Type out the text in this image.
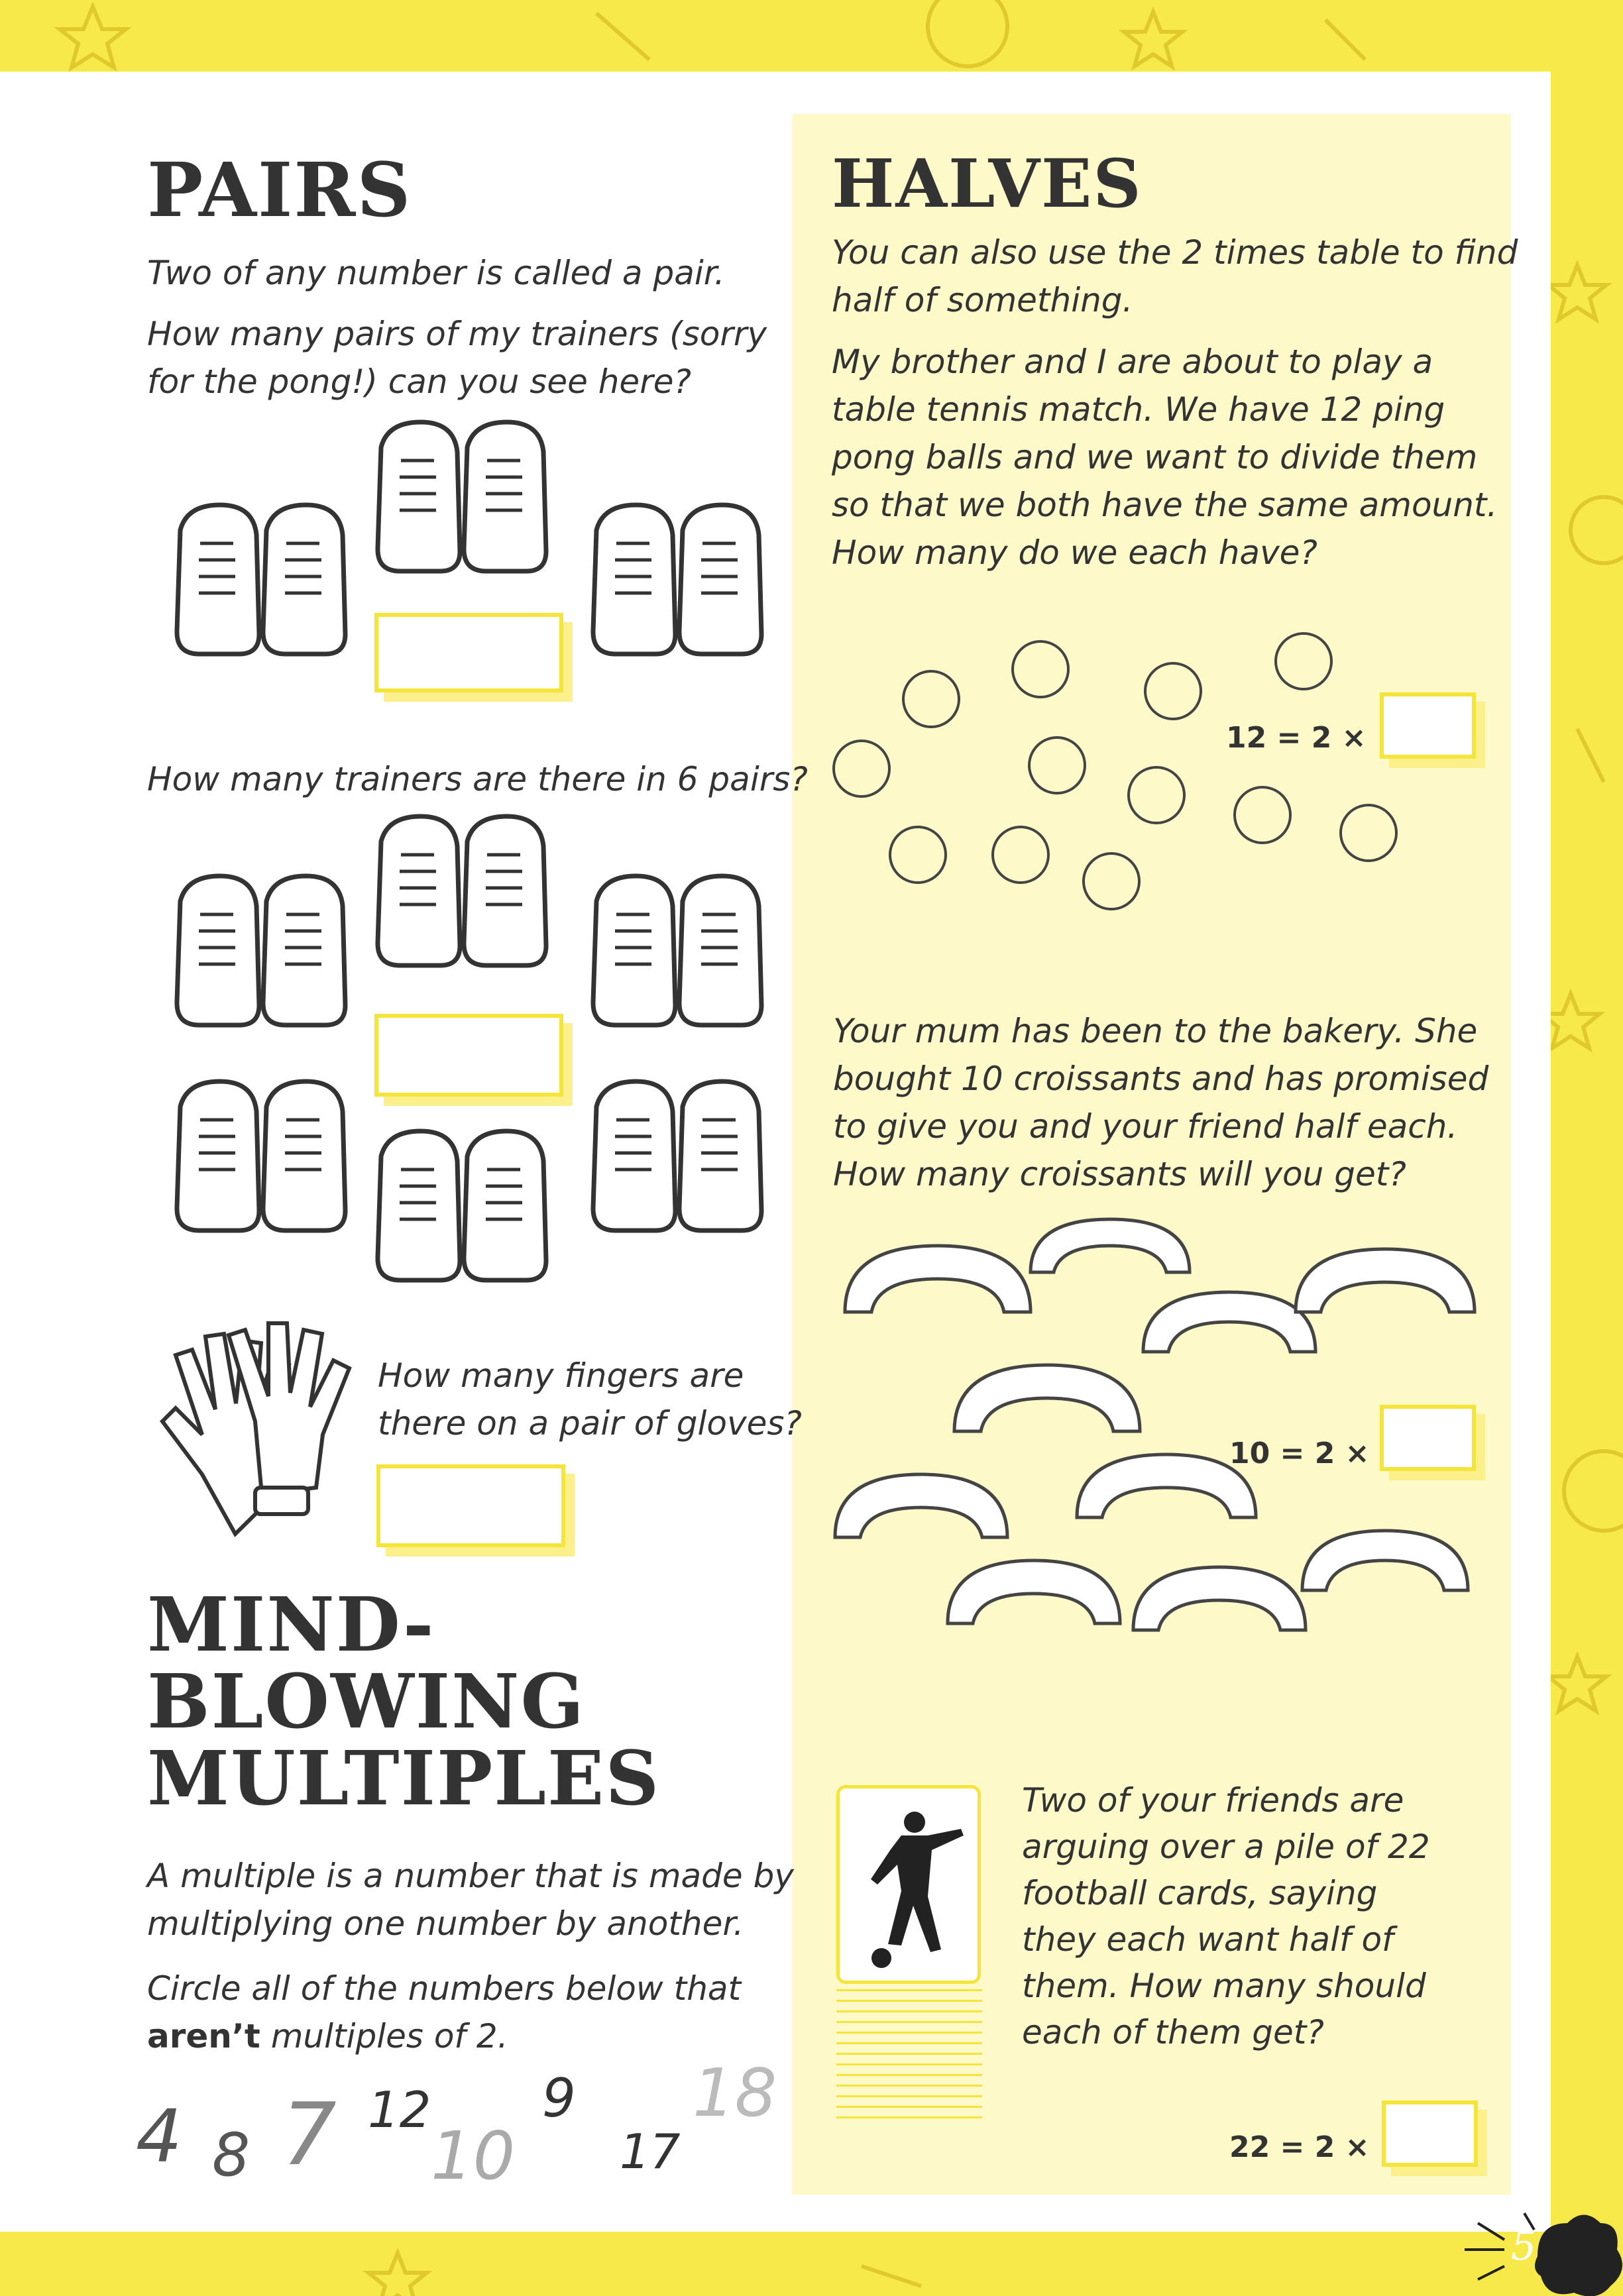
PAIRS

Two of any number is called a pair.

How many pairs of my trainers (sorry
for the pong!) can you see here?

How many trainers are there in 6 pairs?

How many fingers are
there on a pair of gloves?

MIND-
BLOWING
MULTIPLES

A multiple is a number that is made by
multiplying one number by another.

Circle all of the numbers below that
aren’t multiples of 2.

4 8 7 12
10
9
17
18
HALVES

You can also use the 2 times table to find
half of something.

My brother and I are about to play a
table tennis match. We have 12 ping
pong balls and we want to divide them
so that we both have the same amount.
How many do we each have?

12 = 2 ×

Your mum has been to the bakery. She
bought 10 croissants and has promised
to give you and your friend half each.
How many croissants will you get?

10 = 2 ×

Two of your friends are
arguing over a pile of 22
football cards, saying
they each want half of
them. How many should
each of them get?

22 = 2 ×
5
